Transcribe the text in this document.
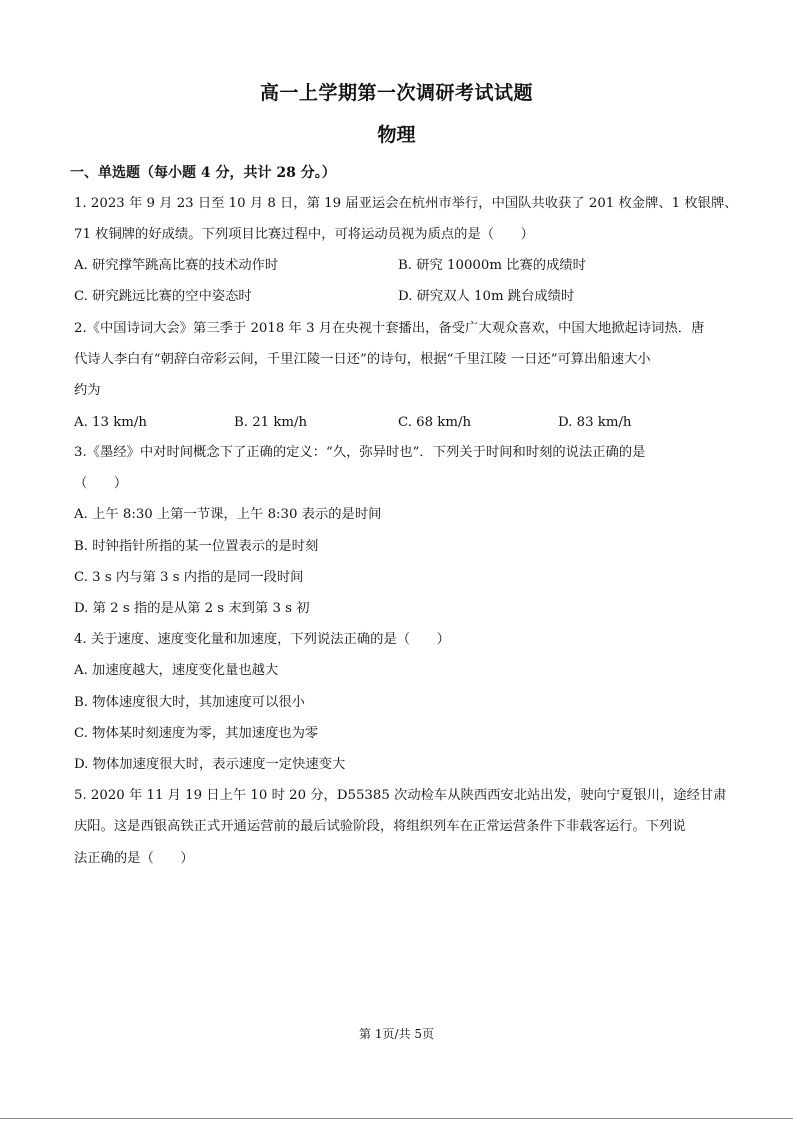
高一上学期第一次调研考试试题
物理
一、单选题（每小题 4 分，共计 28 分。）
1. 2023 年 9 月 23 日至 10 月 8 日，第 19 届亚运会在杭州市举行，中国队共收获了 201 枚金牌、1 枚银牌、
71 枚铜牌的好成绩。下列项目比赛过程中，可将运动员视为质点的是（　　）
A. 研究撑竿跳高比赛的技术动作时	B. 研究 10000m 比赛的成绩时
C. 研究跳远比赛的空中姿态时	D. 研究双人 10m 跳台成绩时
2.《中国诗词大会》第三季于 2018 年 3 月在央视十套播出，备受广大观众喜欢，中国大地掀起诗词热．唐
代诗人李白有“朝辞白帝彩云间，千里江陵一日还”的诗句，根据“千里江陵 一日还”可算出船速大小
约为
A. 13 km/h	B. 21 km/h	C. 68 km/h	D. 83 km/h
3.《墨经》中对时间概念下了正确的定义：“久，弥异时也”．下列关于时间和时刻的说法正确的是
（　　）
A. 上午 8:30 上第一节课，上午 8:30 表示的是时间
B. 时钟指针所指的某一位置表示的是时刻
C. 3 s 内与第 3 s 内指的是同一段时间
D. 第 2 s 指的是从第 2 s 末到第 3 s 初
4. 关于速度、速度变化量和加速度，下列说法正确的是（　　）
A. 加速度越大，速度变化量也越大
B. 物体速度很大时，其加速度可以很小
C. 物体某时刻速度为零，其加速度也为零
D. 物体加速度很大时，表示速度一定快速变大
5. 2020 年 11 月 19 日上午 10 时 20 分，D55385 次动检车从陕西西安北站出发，驶向宁夏银川，途经甘肃
庆阳。这是西银高铁正式开通运营前的最后试验阶段，将组织列车在正常运营条件下非载客运行。下列说
法正确的是（　　）
第 1页/共 5页
